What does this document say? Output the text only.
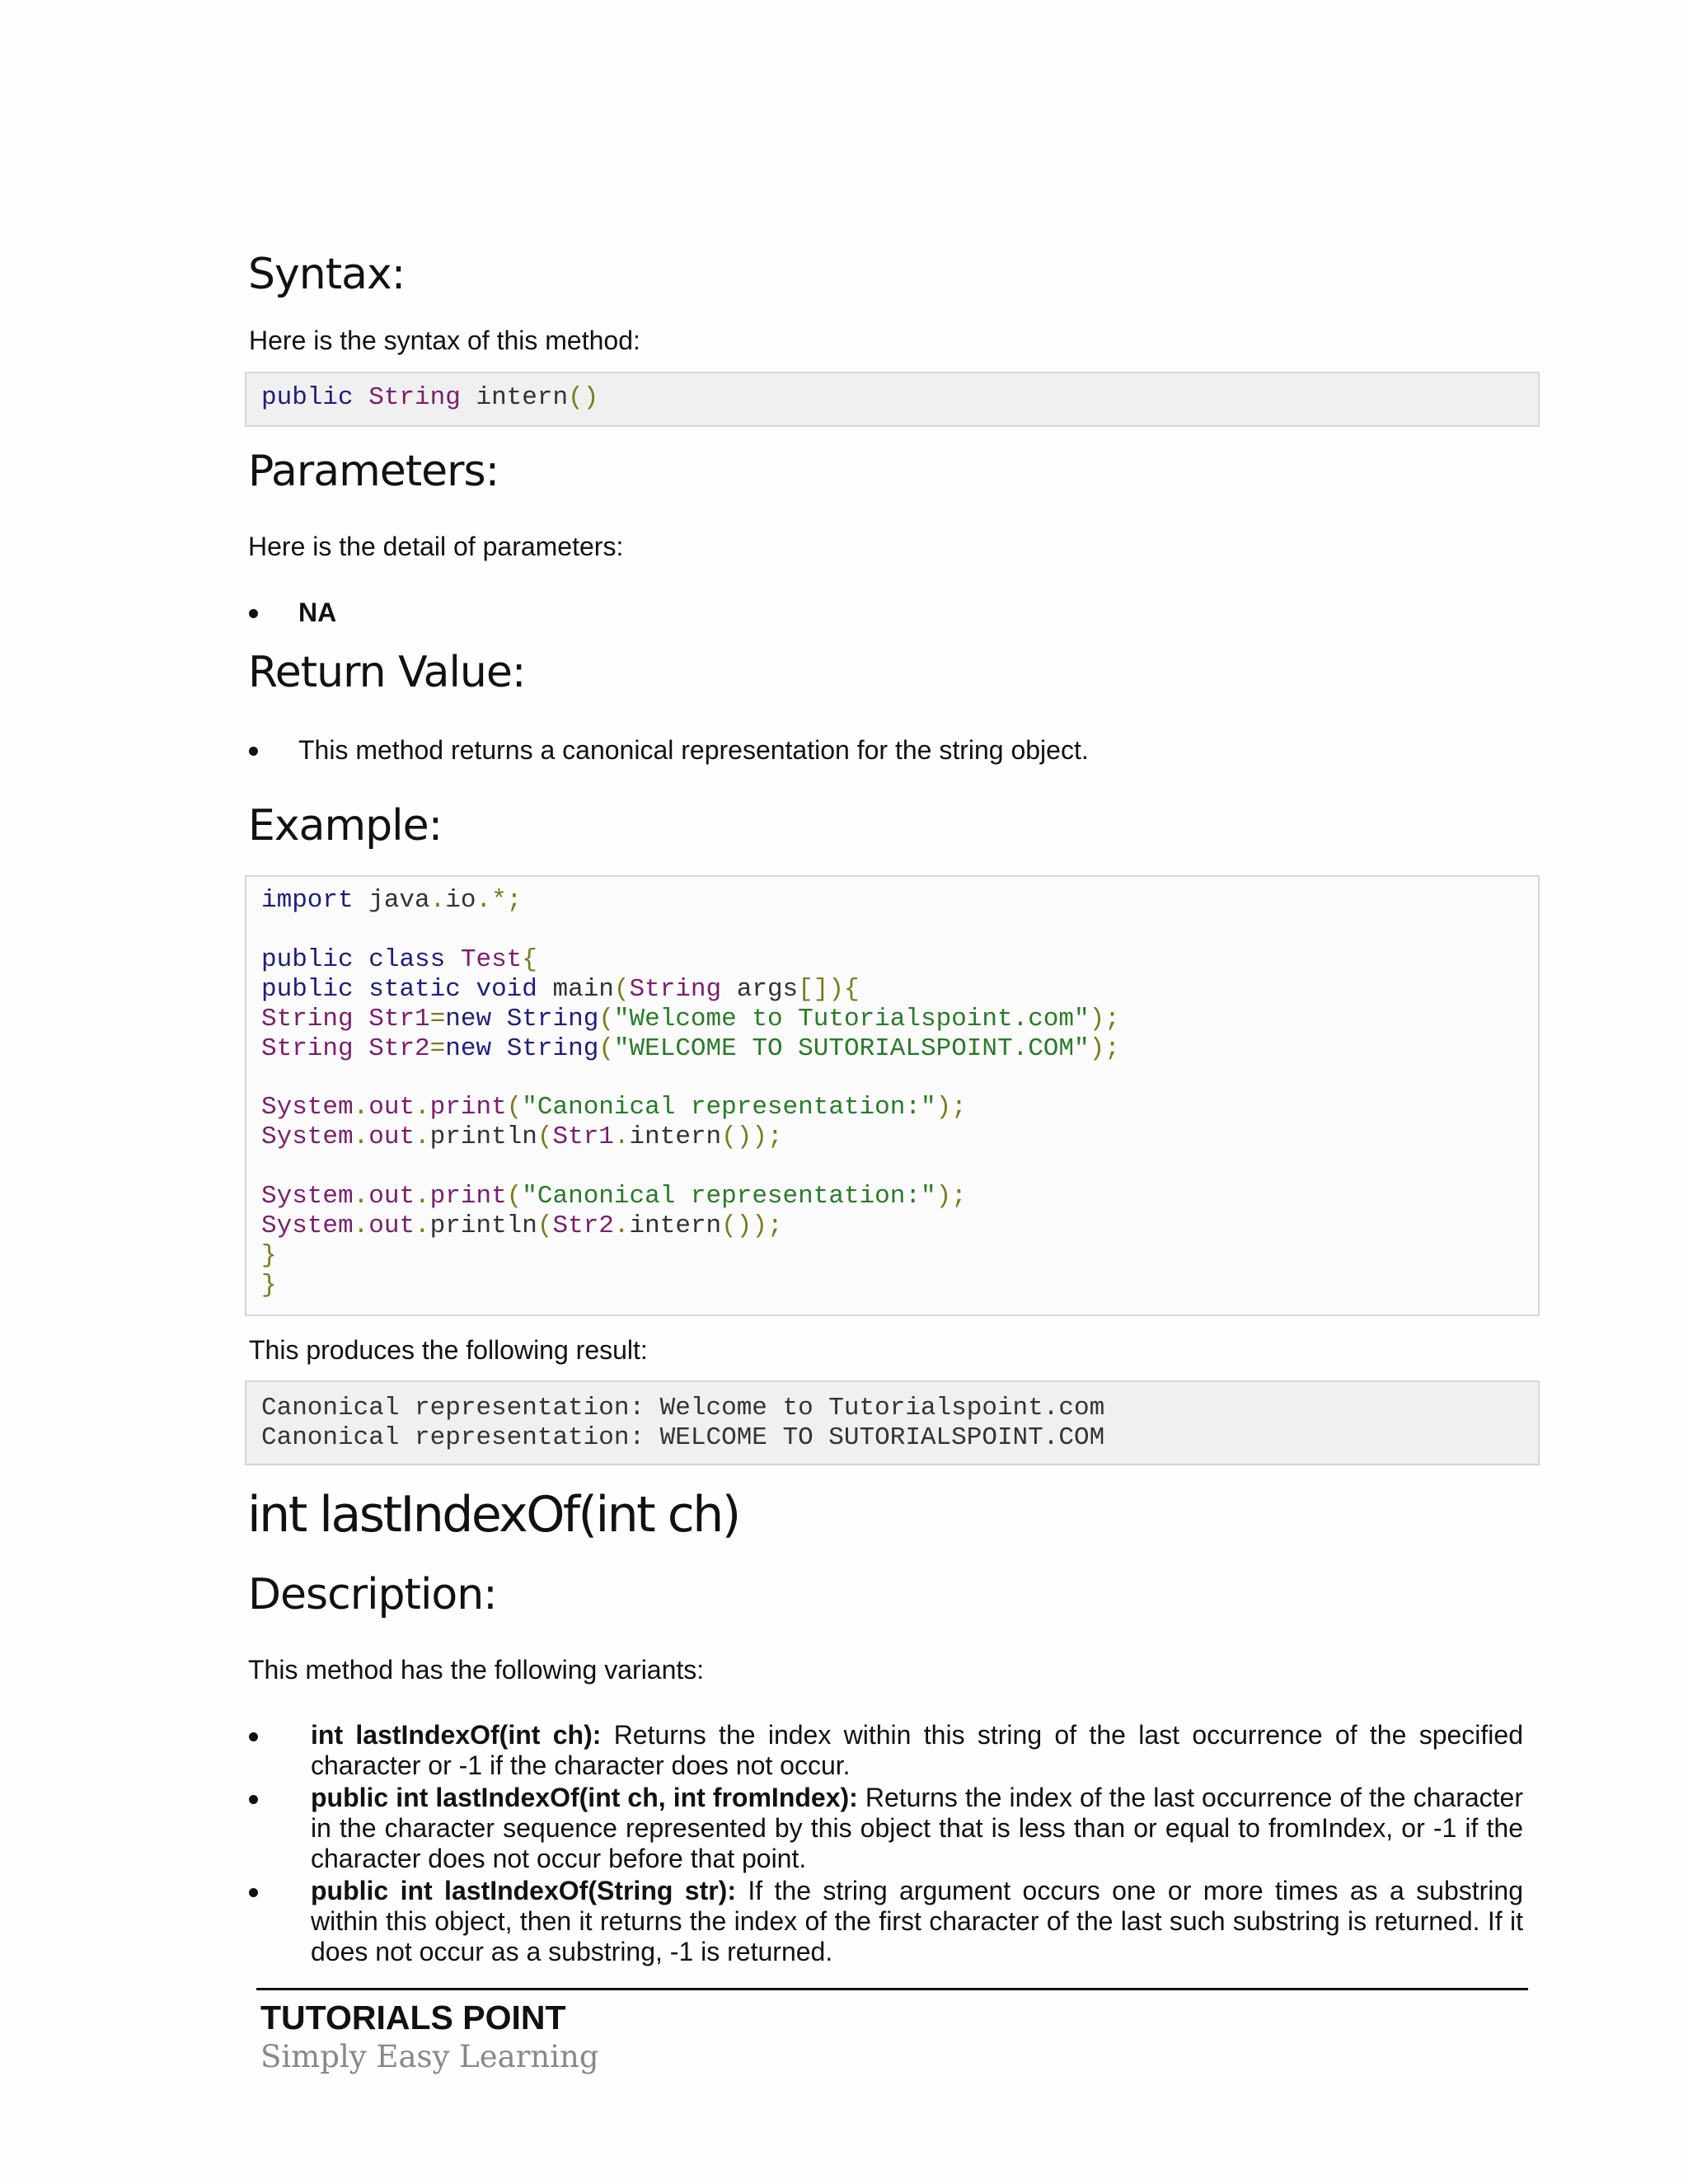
Syntax:

Here is the syntax of this method:

public String intern()
Parameters:

Here is the detail of parameters:

NA

Return Value:

This method returns a canonical representation for the string object.

Example:
import java.io.*;
public class Test{
public static void main(String args[]){
String Str1=new String("Welcome to Tutorialspoint.com");
String Str2=new String("WELCOME TO SUTORIALSPOINT.COM");
System.out.print("Canonical representation:");
System.out.println(Str1.intern());
System.out.print("Canonical representation:");
System.out.println(Str2.intern());
}
}

This produces the following result:

Canonical representation: Welcome to Tutorialspoint.com
Canonical representation: WELCOME TO SUTORIALSPOINT.COM
int lastIndexOf(int ch)
Description:

This method has the following variants:

int lastIndexOf(int ch): Returns the index within this string of the last occurrence of the specified character or -1 if the character does not occur.
public int lastIndexOf(int ch, int fromIndex): Returns the index of the last occurrence of the character in the character sequence represented by this object that is less than or equal to fromIndex, or -1 if the character does not occur before that point.
public int lastIndexOf(String str): If the string argument occurs one or more times as a substring within this object, then it returns the index of the first character of the last such substring is returned. If it does not occur as a substring, -1 is returned.
TUTORIALS POINT
Simply Easy Learning
